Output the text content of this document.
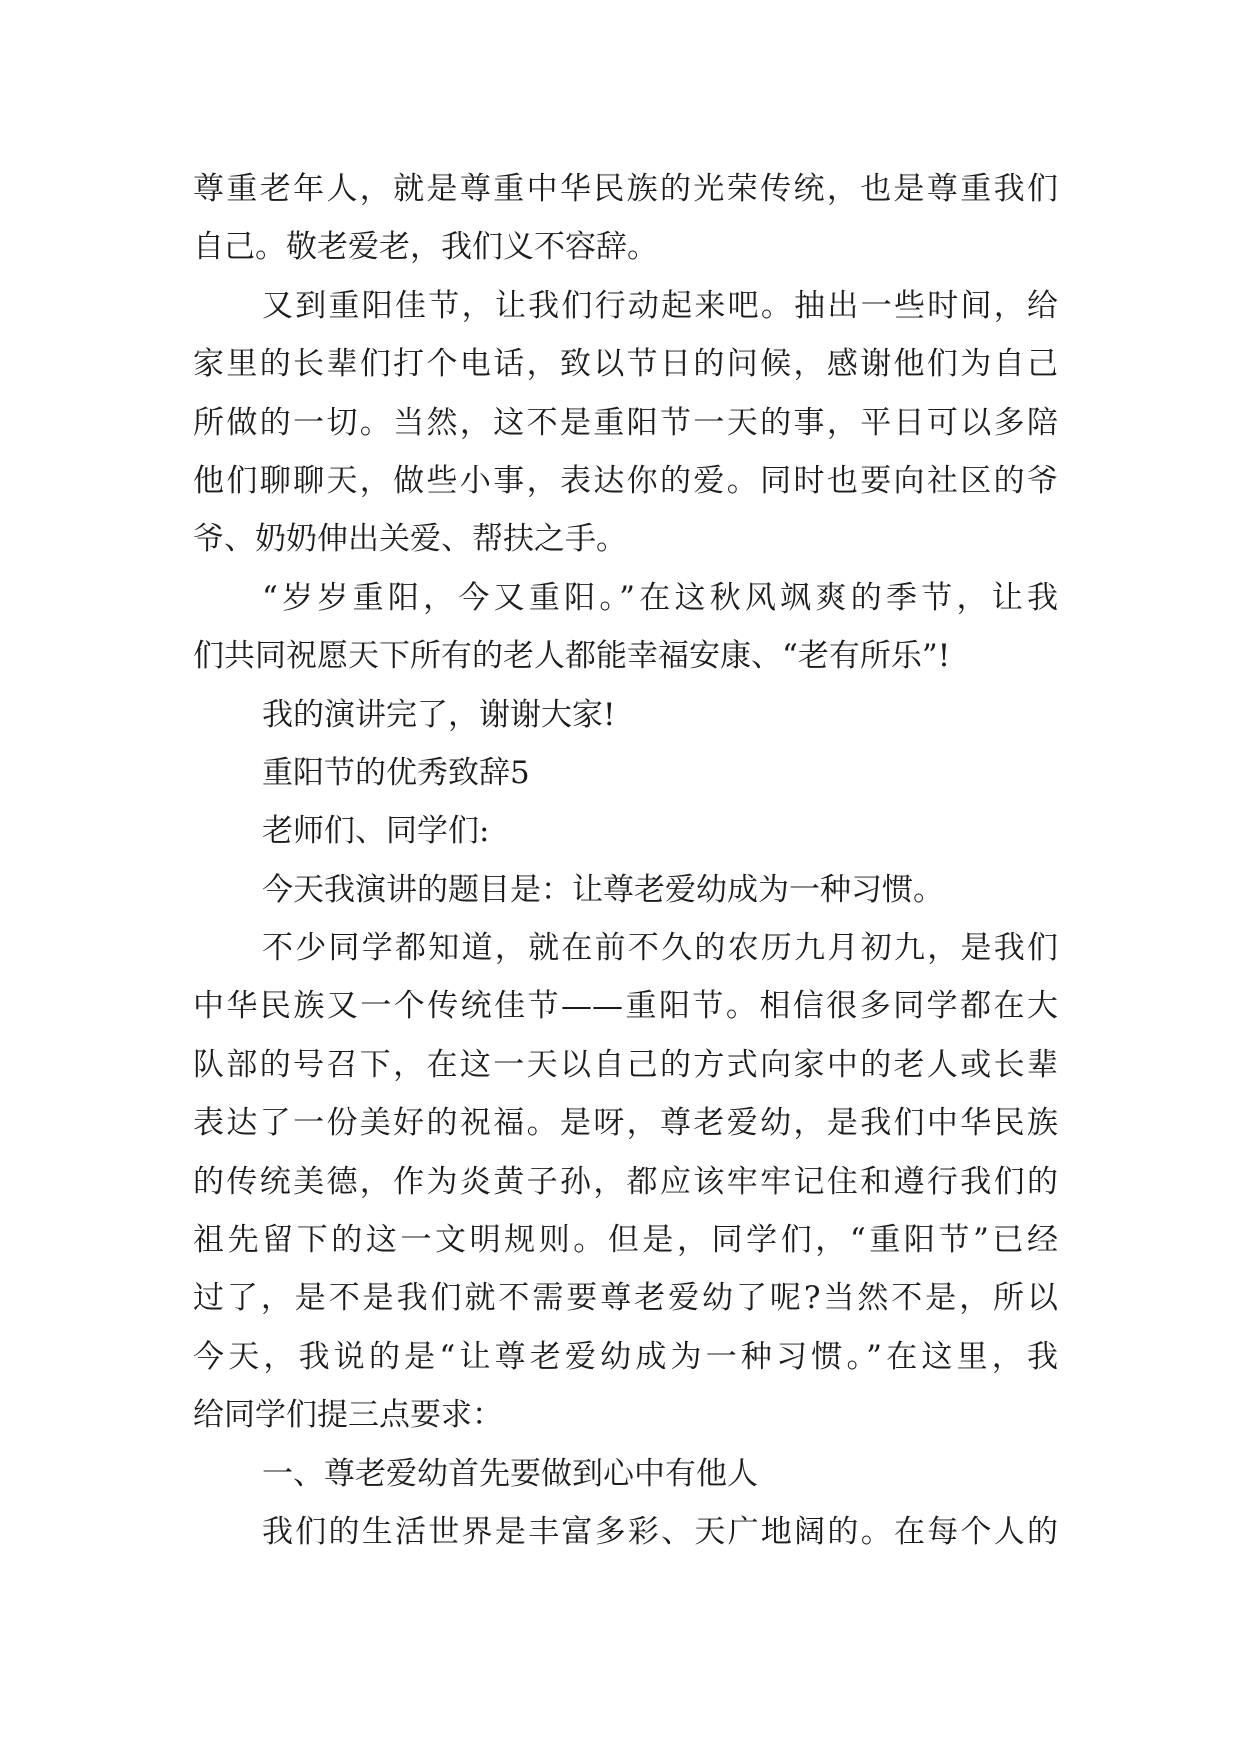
尊重老年人，就是尊重中华民族的光荣传统，也是尊重我们
自己。敬老爱老，我们义不容辞。
又到重阳佳节，让我们行动起来吧。抽出一些时间，给
家里的长辈们打个电话，致以节日的问候，感谢他们为自己
所做的一切。当然，这不是重阳节一天的事，平日可以多陪
他们聊聊天，做些小事，表达你的爱。同时也要向社区的爷
爷、奶奶伸出关爱、帮扶之手。
“岁岁重阳，今又重阳。”在这秋风飒爽的季节，让我
们共同祝愿天下所有的老人都能幸福安康、“老有所乐”!
我的演讲完了，谢谢大家!
重阳节的优秀致辞5
老师们、同学们:
今天我演讲的题目是：让尊老爱幼成为一种习惯。
不少同学都知道，就在前不久的农历九月初九，是我们
中华民族又一个传统佳节——重阳节。相信很多同学都在大
队部的号召下，在这一天以自己的方式向家中的老人或长辈
表达了一份美好的祝福。是呀，尊老爱幼，是我们中华民族
的传统美德，作为炎黄子孙，都应该牢牢记住和遵行我们的
祖先留下的这一文明规则。但是，同学们，“重阳节”已经
过了，是不是我们就不需要尊老爱幼了呢?当然不是，所以
今天，我说的是“让尊老爱幼成为一种习惯。”在这里，我
给同学们提三点要求：
一、尊老爱幼首先要做到心中有他人
我们的生活世界是丰富多彩、天广地阔的。在每个人的
